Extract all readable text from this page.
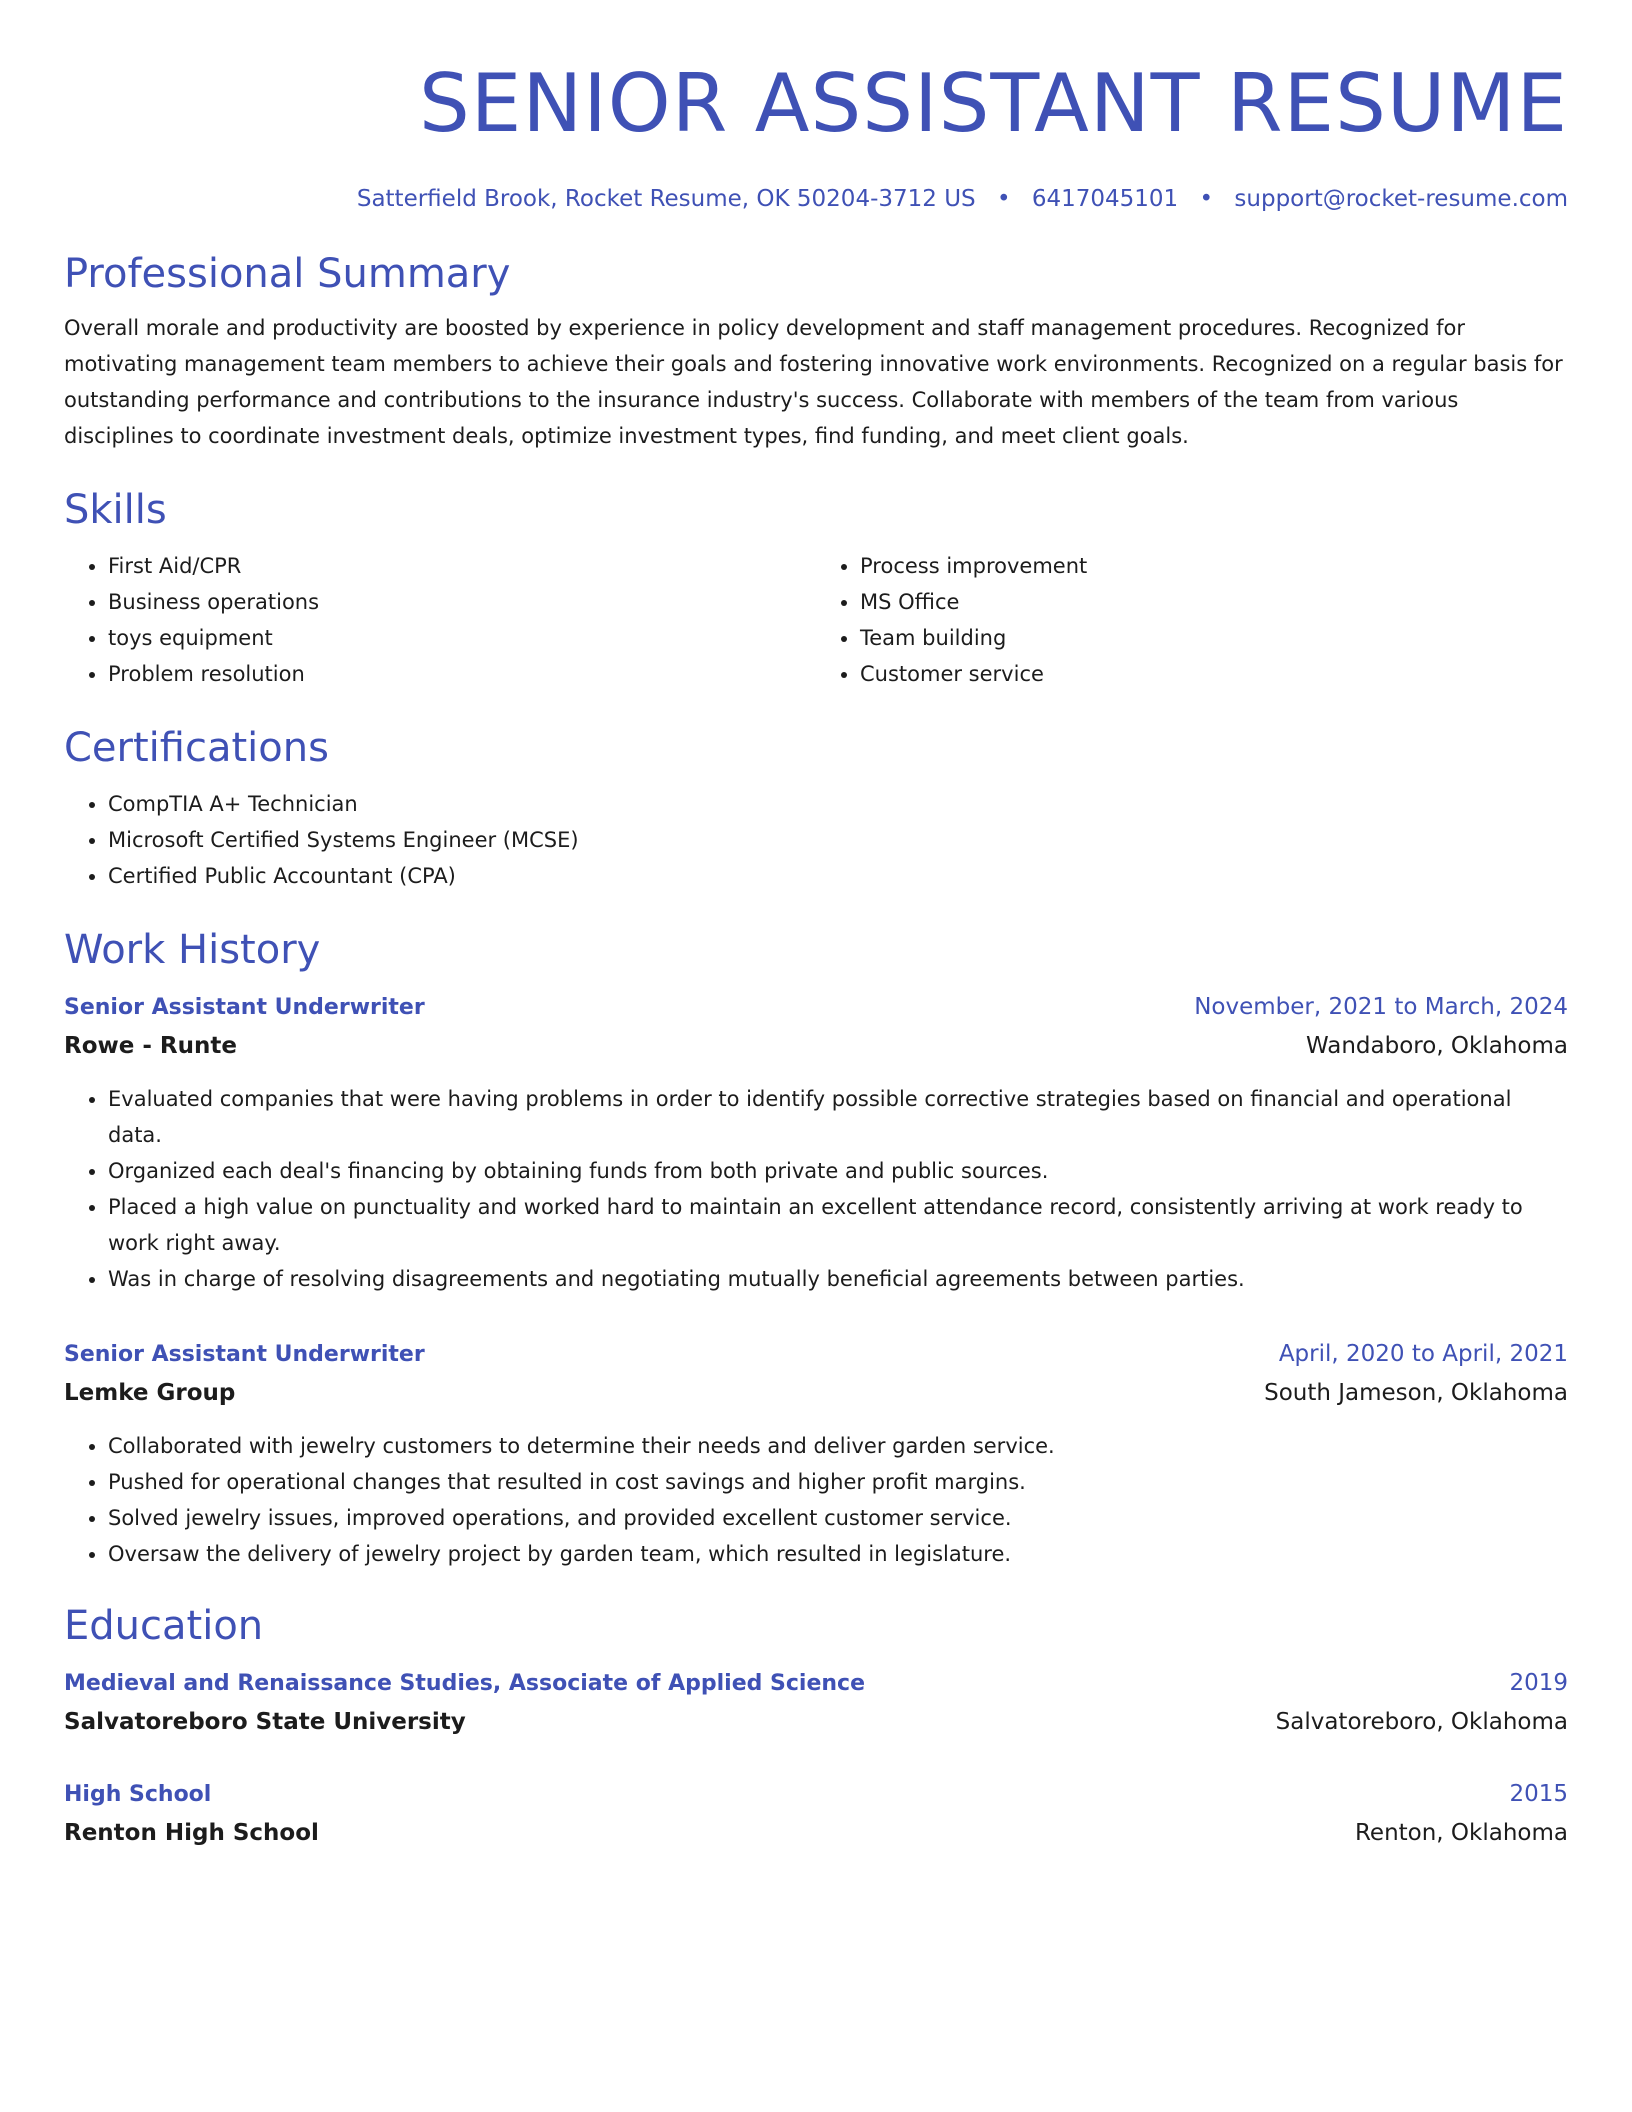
SENIOR ASSISTANT RESUME
Satterfield Brook, Rocket Resume, OK 50204-3712 US • 6417045101 • support@rocket-resume.com
Professional Summary

Overall morale and productivity are boosted by experience in policy development and staff management procedures. Recognized for motivating management team members to achieve their goals and fostering innovative work environments. Recognized on a regular basis for outstanding performance and contributions to the insurance industry's success. Collaborate with members of the team from various disciplines to coordinate investment deals, optimize investment types, find funding, and meet client goals.

Skills
• First Aid/CPR
• Business operations
• toys equipment
• Problem resolution
• Process improvement
• MS Office
• Team building
• Customer service
Certifications
• CompTIA A+ Technician
• Microsoft Certified Systems Engineer (MCSE)
• Certified Public Accountant (CPA)
Work History
Senior Assistant Underwriter	November, 2021 to March, 2024
Rowe - Runte	Wandaboro, Oklahoma
• Evaluated companies that were having problems in order to identify possible corrective strategies based on financial and operational data.
• Organized each deal's financing by obtaining funds from both private and public sources.
• Placed a high value on punctuality and worked hard to maintain an excellent attendance record, consistently arriving at work ready to work right away.
• Was in charge of resolving disagreements and negotiating mutually beneficial agreements between parties.
Senior Assistant Underwriter	April, 2020 to April, 2021
Lemke Group	South Jameson, Oklahoma
• Collaborated with jewelry customers to determine their needs and deliver garden service.
• Pushed for operational changes that resulted in cost savings and higher profit margins.
• Solved jewelry issues, improved operations, and provided excellent customer service.
• Oversaw the delivery of jewelry project by garden team, which resulted in legislature.
Education
Medieval and Renaissance Studies, Associate of Applied Science	2019
Salvatoreboro State University	Salvatoreboro, Oklahoma
High School	2015
Renton High School	Renton, Oklahoma
